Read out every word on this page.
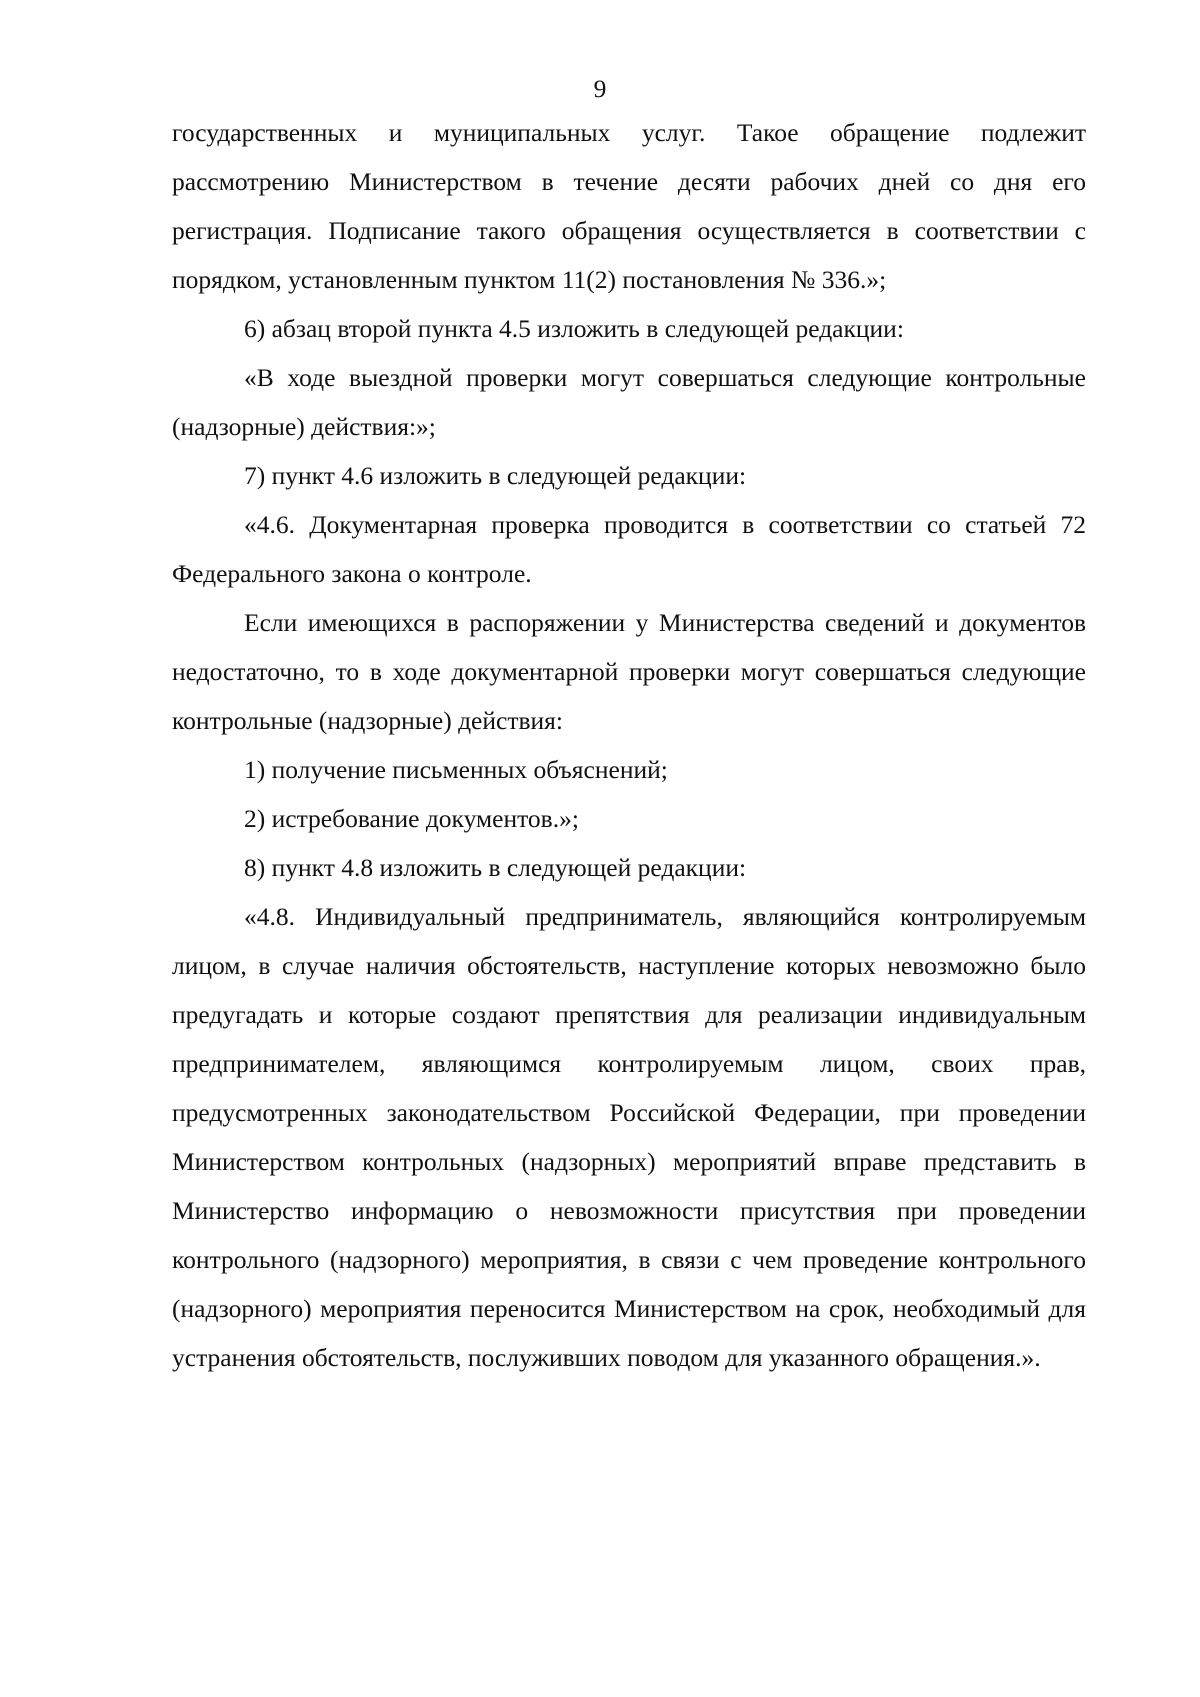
9

государственных и муниципальных услуг. Такое обращение подлежит рассмотрению Министерством в течение десяти рабочих дней со дня его регистрация. Подписание такого обращения осуществляется в соответствии с порядком, установленным пунктом 11(2) постановления № 336.»;

6) абзац второй пункта 4.5 изложить в следующей редакции:

«В ходе выездной проверки могут совершаться следующие контрольные (надзорные) действия:»;

7) пункт 4.6 изложить в следующей редакции:

«4.6. Документарная проверка проводится в соответствии со статьей 72 Федерального закона о контроле.

Если имеющихся в распоряжении у Министерства сведений и документов недостаточно, то в ходе документарной проверки могут совершаться следующие контрольные (надзорные) действия:

1) получение письменных объяснений;

2) истребование документов.»;

8) пункт 4.8 изложить в следующей редакции:

«4.8. Индивидуальный предприниматель, являющийся контролируемым лицом, в случае наличия обстоятельств, наступление которых невозможно было предугадать и которые создают препятствия для реализации индивидуальным предпринимателем, являющимся контролируемым лицом, своих прав, предусмотренных законодательством Российской Федерации, при проведении Министерством контрольных (надзорных) мероприятий вправе представить в Министерство информацию о невозможности присутствия при проведении контрольного (надзорного) мероприятия, в связи с чем проведение контрольного (надзорного) мероприятия переносится Министерством на срок, необходимый для устранения обстоятельств, послуживших поводом для указанного обращения.».
